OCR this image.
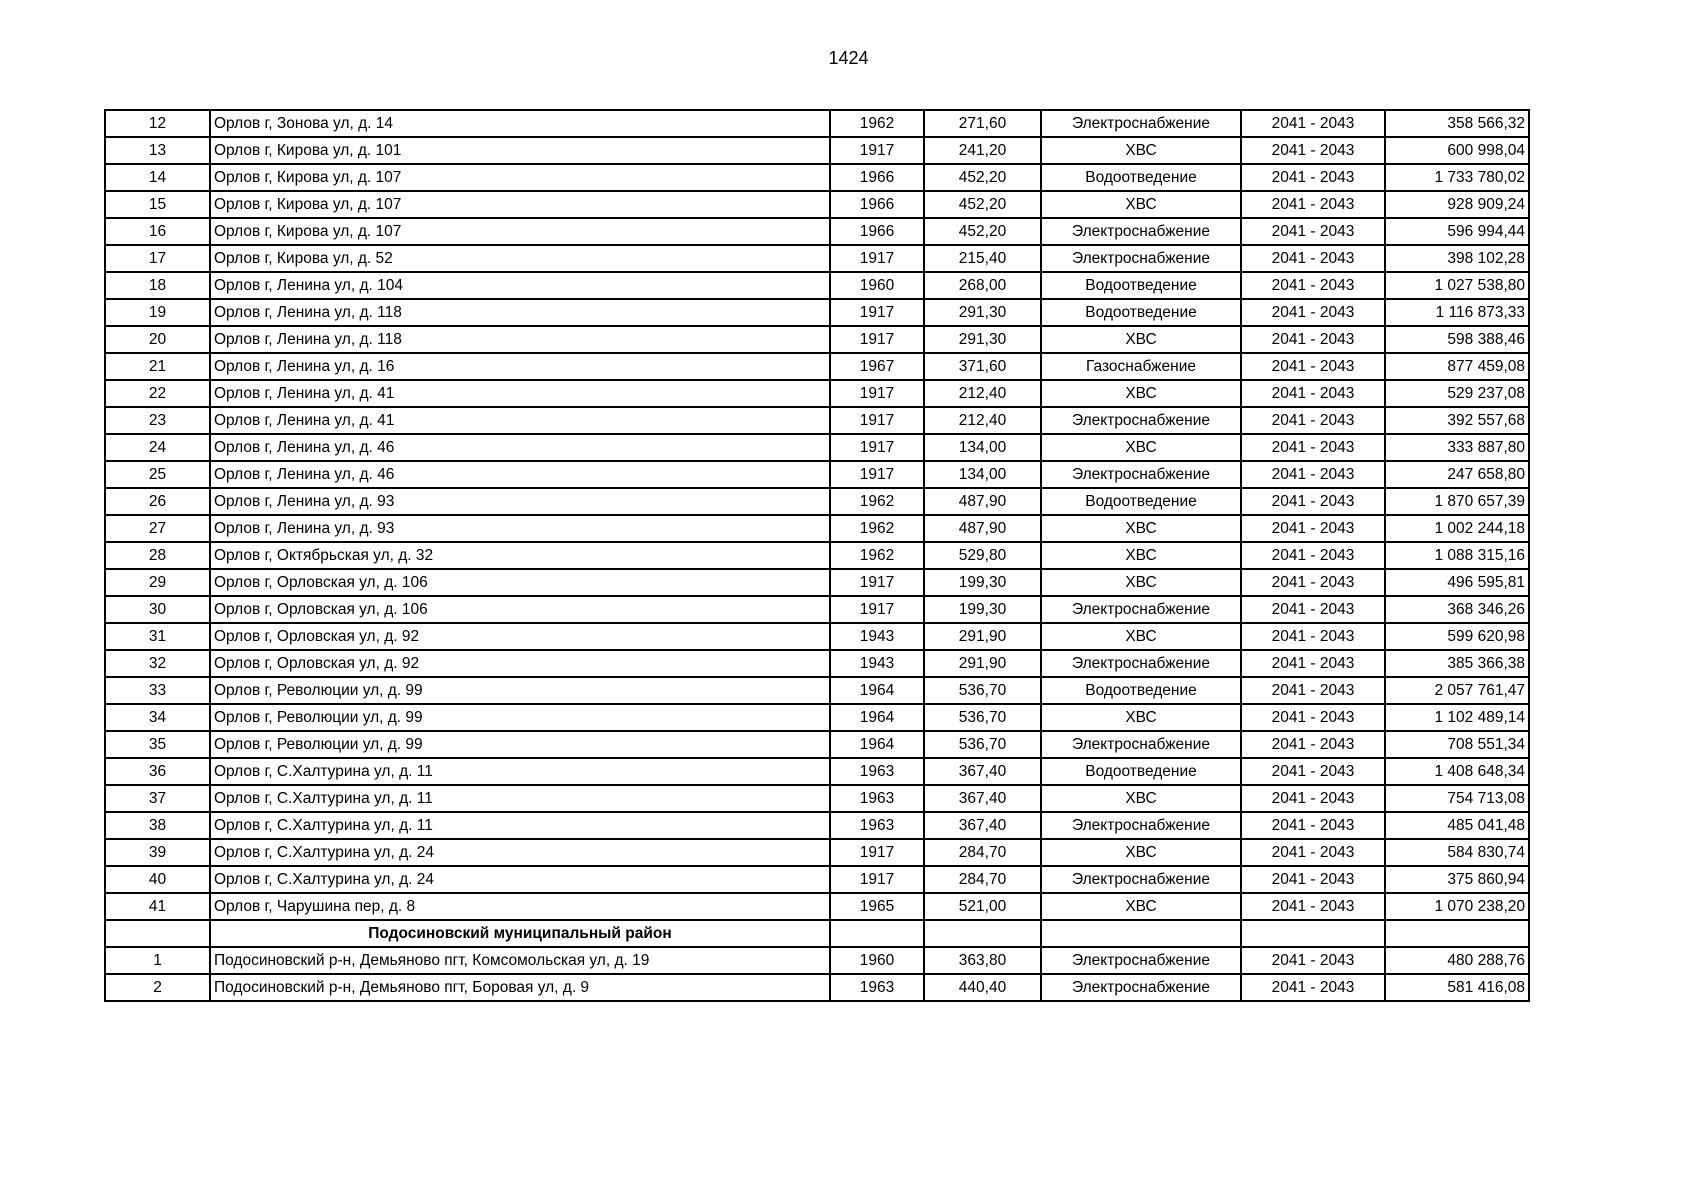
1424
12	Орлов г, Зонова ул, д. 14	1962	271,60	Электроснабжение	2041 - 2043	358 566,32
13	Орлов г, Кирова ул, д. 101	1917	241,20	ХВС	2041 - 2043	600 998,04
14	Орлов г, Кирова ул, д. 107	1966	452,20	Водоотведение	2041 - 2043	1 733 780,02
15	Орлов г, Кирова ул, д. 107	1966	452,20	ХВС	2041 - 2043	928 909,24
16	Орлов г, Кирова ул, д. 107	1966	452,20	Электроснабжение	2041 - 2043	596 994,44
17	Орлов г, Кирова ул, д. 52	1917	215,40	Электроснабжение	2041 - 2043	398 102,28
18	Орлов г, Ленина ул, д. 104	1960	268,00	Водоотведение	2041 - 2043	1 027 538,80
19	Орлов г, Ленина ул, д. 118	1917	291,30	Водоотведение	2041 - 2043	1 116 873,33
20	Орлов г, Ленина ул, д. 118	1917	291,30	ХВС	2041 - 2043	598 388,46
21	Орлов г, Ленина ул, д. 16	1967	371,60	Газоснабжение	2041 - 2043	877 459,08
22	Орлов г, Ленина ул, д. 41	1917	212,40	ХВС	2041 - 2043	529 237,08
23	Орлов г, Ленина ул, д. 41	1917	212,40	Электроснабжение	2041 - 2043	392 557,68
24	Орлов г, Ленина ул, д. 46	1917	134,00	ХВС	2041 - 2043	333 887,80
25	Орлов г, Ленина ул, д. 46	1917	134,00	Электроснабжение	2041 - 2043	247 658,80
26	Орлов г, Ленина ул, д. 93	1962	487,90	Водоотведение	2041 - 2043	1 870 657,39
27	Орлов г, Ленина ул, д. 93	1962	487,90	ХВС	2041 - 2043	1 002 244,18
28	Орлов г, Октябрьская ул, д. 32	1962	529,80	ХВС	2041 - 2043	1 088 315,16
29	Орлов г, Орловская ул, д. 106	1917	199,30	ХВС	2041 - 2043	496 595,81
30	Орлов г, Орловская ул, д. 106	1917	199,30	Электроснабжение	2041 - 2043	368 346,26
31	Орлов г, Орловская ул, д. 92	1943	291,90	ХВС	2041 - 2043	599 620,98
32	Орлов г, Орловская ул, д. 92	1943	291,90	Электроснабжение	2041 - 2043	385 366,38
33	Орлов г, Революции ул, д. 99	1964	536,70	Водоотведение	2041 - 2043	2 057 761,47
34	Орлов г, Революции ул, д. 99	1964	536,70	ХВС	2041 - 2043	1 102 489,14
35	Орлов г, Революции ул, д. 99	1964	536,70	Электроснабжение	2041 - 2043	708 551,34
36	Орлов г, С.Халтурина ул, д. 11	1963	367,40	Водоотведение	2041 - 2043	1 408 648,34
37	Орлов г, С.Халтурина ул, д. 11	1963	367,40	ХВС	2041 - 2043	754 713,08
38	Орлов г, С.Халтурина ул, д. 11	1963	367,40	Электроснабжение	2041 - 2043	485 041,48
39	Орлов г, С.Халтурина ул, д. 24	1917	284,70	ХВС	2041 - 2043	584 830,74
40	Орлов г, С.Халтурина ул, д. 24	1917	284,70	Электроснабжение	2041 - 2043	375 860,94
41	Орлов г, Чарушина пер, д. 8	1965	521,00	ХВС	2041 - 2043	1 070 238,20
	Подосиновский муниципальный район					
1	Подосиновский р-н, Демьяново пгт, Комсомольская ул, д. 19	1960	363,80	Электроснабжение	2041 - 2043	480 288,76
2	Подосиновский р-н, Демьяново пгт, Боровая ул, д. 9	1963	440,40	Электроснабжение	2041 - 2043	581 416,08
